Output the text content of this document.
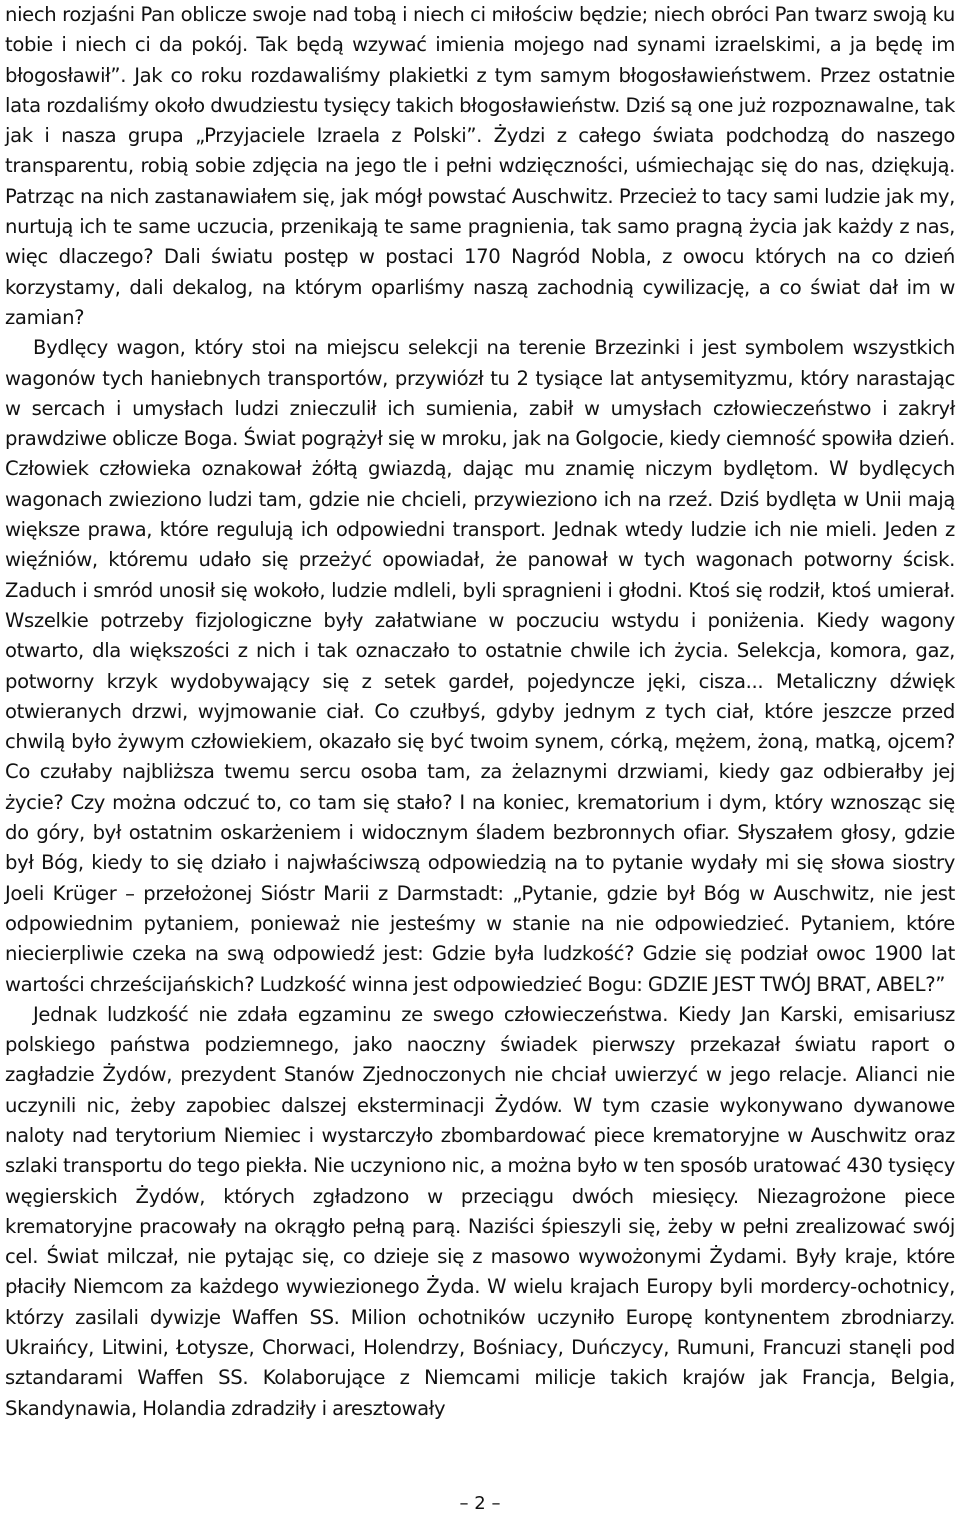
niech rozjaśni Pan oblicze swoje nad tobą i niech ci miłościw będzie; niech obróci Pan twarz swoją ku tobie i niech ci da pokój. Tak będą wzywać imienia mojego nad synami izraelskimi, a ja będę im błogosławił”. Jak co roku rozdawaliśmy plakietki z tym samym błogosławieństwem. Przez ostatnie lata rozdaliśmy około dwudziestu tysięcy takich błogosławieństw. Dziś są one już rozpoznawalne, tak jak i nasza grupa „Przyjaciele Izraela z Polski”. Żydzi z całego świata podchodzą do naszego transparentu, robią sobie zdjęcia na jego tle i pełni wdzięczności, uśmiechając się do nas, dziękują. Patrząc na nich zastanawiałem się, jak mógł powstać Auschwitz. Przecież to tacy sami ludzie jak my, nurtują ich te same uczucia, przenikają te same pragnienia, tak samo pragną życia jak każdy z nas, więc dlaczego? Dali światu postęp w postaci 170 Nagród Nobla, z owocu których na co dzień korzystamy, dali dekalog, na którym oparliśmy naszą zachodnią cywilizację, a co świat dał im w zamian?

Bydlęcy wagon, który stoi na miejscu selekcji na terenie Brzezinki i jest symbolem wszystkich wagonów tych haniebnych transportów, przywiózł tu 2 tysiące lat antysemityzmu, który narastając w sercach i umysłach ludzi znieczulił ich sumienia, zabił w umysłach człowieczeństwo i zakrył prawdziwe oblicze Boga. Świat pogrążył się w mroku, jak na Golgocie, kiedy ciemność spowiła dzień. Człowiek człowieka oznakował żółtą gwiazdą, dając mu znamię niczym bydlętom. W bydlęcych wagonach zwieziono ludzi tam, gdzie nie chcieli, przywieziono ich na rzeź. Dziś bydlęta w Unii mają większe prawa, które regulują ich odpowiedni transport. Jednak wtedy ludzie ich nie mieli. Jeden z więźniów, któremu udało się przeżyć opowiadał, że panował w tych wagonach potworny ścisk. Zaduch i smród unosił się wokoło, ludzie mdleli, byli spragnieni i głodni. Ktoś się rodził, ktoś umierał. Wszelkie potrzeby fizjologiczne były załatwiane w poczuciu wstydu i poniżenia. Kiedy wagony otwarto, dla większości z nich i tak oznaczało to ostatnie chwile ich życia. Selekcja, komora, gaz, potworny krzyk wydobywający się z setek gardeł, pojedyncze jęki, cisza... Metaliczny dźwięk otwieranych drzwi, wyjmowanie ciał. Co czułbyś, gdyby jednym z tych ciał, które jeszcze przed chwilą było żywym człowiekiem, okazało się być twoim synem, córką, mężem, żoną, matką, ojcem? Co czułaby najbliższa twemu sercu osoba tam, za żelaznymi drzwiami, kiedy gaz odbierałby jej życie? Czy można odczuć to, co tam się stało? I na koniec, krematorium i dym, który wznosząc się do góry, był ostatnim oskarżeniem i widocznym śladem bezbronnych ofiar. Słyszałem głosy, gdzie był Bóg, kiedy to się działo i najwłaściwszą odpowiedzią na to pytanie wydały mi się słowa siostry Joeli Krüger – przełożonej Sióstr Marii z Darmstadt: „Pytanie, gdzie był Bóg w Auschwitz, nie jest odpowiednim pytaniem, ponieważ nie jesteśmy w stanie na nie odpowiedzieć. Pytaniem, które niecierpliwie czeka na swą odpowiedź jest: Gdzie była ludzkość? Gdzie się podział owoc 1900 lat wartości chrześcijańskich? Ludzkość winna jest odpowiedzieć Bogu: GDZIE JEST TWÓJ BRAT, ABEL?”

Jednak ludzkość nie zdała egzaminu ze swego człowieczeństwa. Kiedy Jan Karski, emisariusz polskiego państwa podziemnego, jako naoczny świadek pierwszy przekazał światu raport o zagładzie Żydów, prezydent Stanów Zjednoczonych nie chciał uwierzyć w jego relacje. Alianci nie uczynili nic, żeby zapobiec dalszej eksterminacji Żydów. W tym czasie wykonywano dywanowe naloty nad terytorium Niemiec i wystarczyło zbombardować piece krematoryjne w Auschwitz oraz szlaki transportu do tego piekła. Nie uczyniono nic, a można było w ten sposób uratować 430 tysięcy węgierskich Żydów, których zgładzono w przeciągu dwóch miesięcy. Niezagrożone piece krematoryjne pracowały na okrągło pełną parą. Naziści śpieszyli się, żeby w pełni zrealizować swój cel. Świat milczał, nie pytając się, co dzieje się z masowo wywożonymi Żydami. Były kraje, które płaciły Niemcom za każdego wywiezionego Żyda. W wielu krajach Europy byli mordercy-ochotnicy, którzy zasilali dywizje Waffen SS. Milion ochotników uczyniło Europę kontynentem zbrodniarzy. Ukraińcy, Litwini, Łotysze, Chorwaci, Holendrzy, Bośniacy, Duńczycy, Rumuni, Francuzi stanęli pod sztandarami Waffen SS. Kolaborujące z Niemcami milicje takich krajów jak Francja, Belgia, Skandynawia, Holandia zdradziły i aresztowały

– 2 –
